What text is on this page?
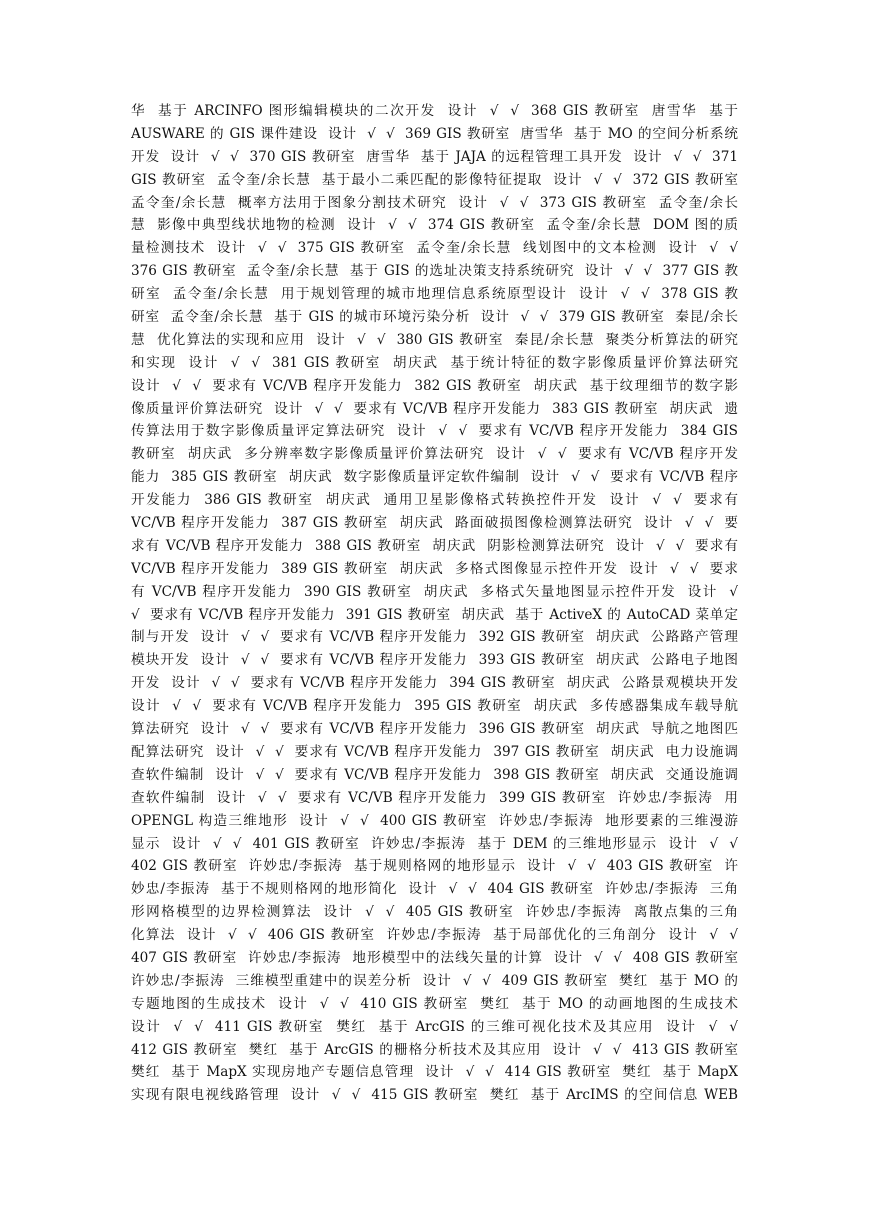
华  基于 ARCINFO 图形编辑模块的二次开发  设计  √  √  368 GIS 教研室  唐雪华  基于
AUSWARE 的 GIS 课件建设  设计  √  √  369 GIS 教研室  唐雪华  基于 MO 的空间分析系统
开发  设计  √  √  370 GIS 教研室  唐雪华  基于 JAJA 的远程管理工具开发  设计  √  √  371
GIS 教研室  孟令奎/余长慧  基于最小二乘匹配的影像特征提取  设计  √  √  372 GIS 教研室
孟令奎/余长慧  概率方法用于图象分割技术研究  设计  √  √  373 GIS 教研室  孟令奎/余长
慧  影像中典型线状地物的检测  设计  √  √  374 GIS 教研室  孟令奎/余长慧  DOM 图的质
量检测技术  设计  √  √  375 GIS 教研室  孟令奎/余长慧  线划图中的文本检测  设计  √  √
376 GIS 教研室  孟令奎/余长慧  基于 GIS 的选址决策支持系统研究  设计  √  √  377 GIS 教
研室  孟令奎/余长慧  用于规划管理的城市地理信息系统原型设计  设计  √  √  378 GIS 教
研室  孟令奎/余长慧  基于 GIS 的城市环境污染分析  设计  √  √  379 GIS 教研室  秦昆/余长
慧  优化算法的实现和应用  设计  √  √  380 GIS 教研室  秦昆/余长慧  聚类分析算法的研究
和实现  设计  √  √  381 GIS 教研室  胡庆武  基于统计特征的数字影像质量评价算法研究
设计  √  √  要求有 VC/VB 程序开发能力  382 GIS 教研室  胡庆武  基于纹理细节的数字影
像质量评价算法研究  设计  √  √  要求有 VC/VB 程序开发能力  383 GIS 教研室  胡庆武  遗
传算法用于数字影像质量评定算法研究  设计  √  √  要求有 VC/VB 程序开发能力  384 GIS
教研室  胡庆武  多分辨率数字影像质量评价算法研究  设计  √  √  要求有 VC/VB 程序开发
能力  385 GIS 教研室  胡庆武  数字影像质量评定软件编制  设计  √  √  要求有 VC/VB 程序
开发能力  386 GIS 教研室  胡庆武  通用卫星影像格式转换控件开发  设计  √  √  要求有
VC/VB 程序开发能力  387 GIS 教研室  胡庆武  路面破损图像检测算法研究  设计  √  √  要
求有 VC/VB 程序开发能力  388 GIS 教研室  胡庆武  阴影检测算法研究  设计  √  √  要求有
VC/VB 程序开发能力  389 GIS 教研室  胡庆武  多格式图像显示控件开发  设计  √  √  要求
有 VC/VB 程序开发能力  390 GIS 教研室  胡庆武  多格式矢量地图显示控件开发  设计  √
√  要求有 VC/VB 程序开发能力  391 GIS 教研室  胡庆武  基于 ActiveX 的 AutoCAD 菜单定
制与开发  设计  √  √  要求有 VC/VB 程序开发能力  392 GIS 教研室  胡庆武  公路路产管理
模块开发  设计  √  √  要求有 VC/VB 程序开发能力  393 GIS 教研室  胡庆武  公路电子地图
开发  设计  √  √  要求有 VC/VB 程序开发能力  394 GIS 教研室  胡庆武  公路景观模块开发
设计  √  √  要求有 VC/VB 程序开发能力  395 GIS 教研室  胡庆武  多传感器集成车载导航
算法研究  设计  √  √  要求有 VC/VB 程序开发能力  396 GIS 教研室  胡庆武  导航之地图匹
配算法研究  设计  √  √  要求有 VC/VB 程序开发能力  397 GIS 教研室  胡庆武  电力设施调
查软件编制  设计  √  √  要求有 VC/VB 程序开发能力  398 GIS 教研室  胡庆武  交通设施调
查软件编制  设计  √  √  要求有 VC/VB 程序开发能力  399 GIS 教研室  许妙忠/李振涛  用
OPENGL 构造三维地形  设计  √  √  400 GIS 教研室  许妙忠/李振涛  地形要素的三维漫游
显示  设计  √  √  401 GIS 教研室  许妙忠/李振涛  基于 DEM 的三维地形显示  设计  √  √
402 GIS 教研室  许妙忠/李振涛  基于规则格网的地形显示  设计  √  √  403 GIS 教研室  许
妙忠/李振涛  基于不规则格网的地形简化  设计  √  √  404 GIS 教研室  许妙忠/李振涛  三角
形网格模型的边界检测算法  设计  √  √  405 GIS 教研室  许妙忠/李振涛  离散点集的三角
化算法  设计  √  √  406 GIS 教研室  许妙忠/李振涛  基于局部优化的三角剖分  设计  √  √
407 GIS 教研室  许妙忠/李振涛  地形模型中的法线矢量的计算  设计  √  √  408 GIS 教研室
许妙忠/李振涛  三维模型重建中的误差分析  设计  √  √  409 GIS 教研室  樊红  基于 MO 的
专题地图的生成技术  设计  √  √  410 GIS 教研室  樊红  基于 MO 的动画地图的生成技术
设计  √  √  411 GIS 教研室  樊红  基于 ArcGIS 的三维可视化技术及其应用  设计  √  √
412 GIS 教研室  樊红  基于 ArcGIS 的栅格分析技术及其应用  设计  √  √  413 GIS 教研室
樊红  基于 MapX 实现房地产专题信息管理  设计  √  √  414 GIS 教研室  樊红  基于 MapX
实现有限电视线路管理  设计  √  √  415 GIS 教研室  樊红  基于 ArcIMS 的空间信息 WEB
